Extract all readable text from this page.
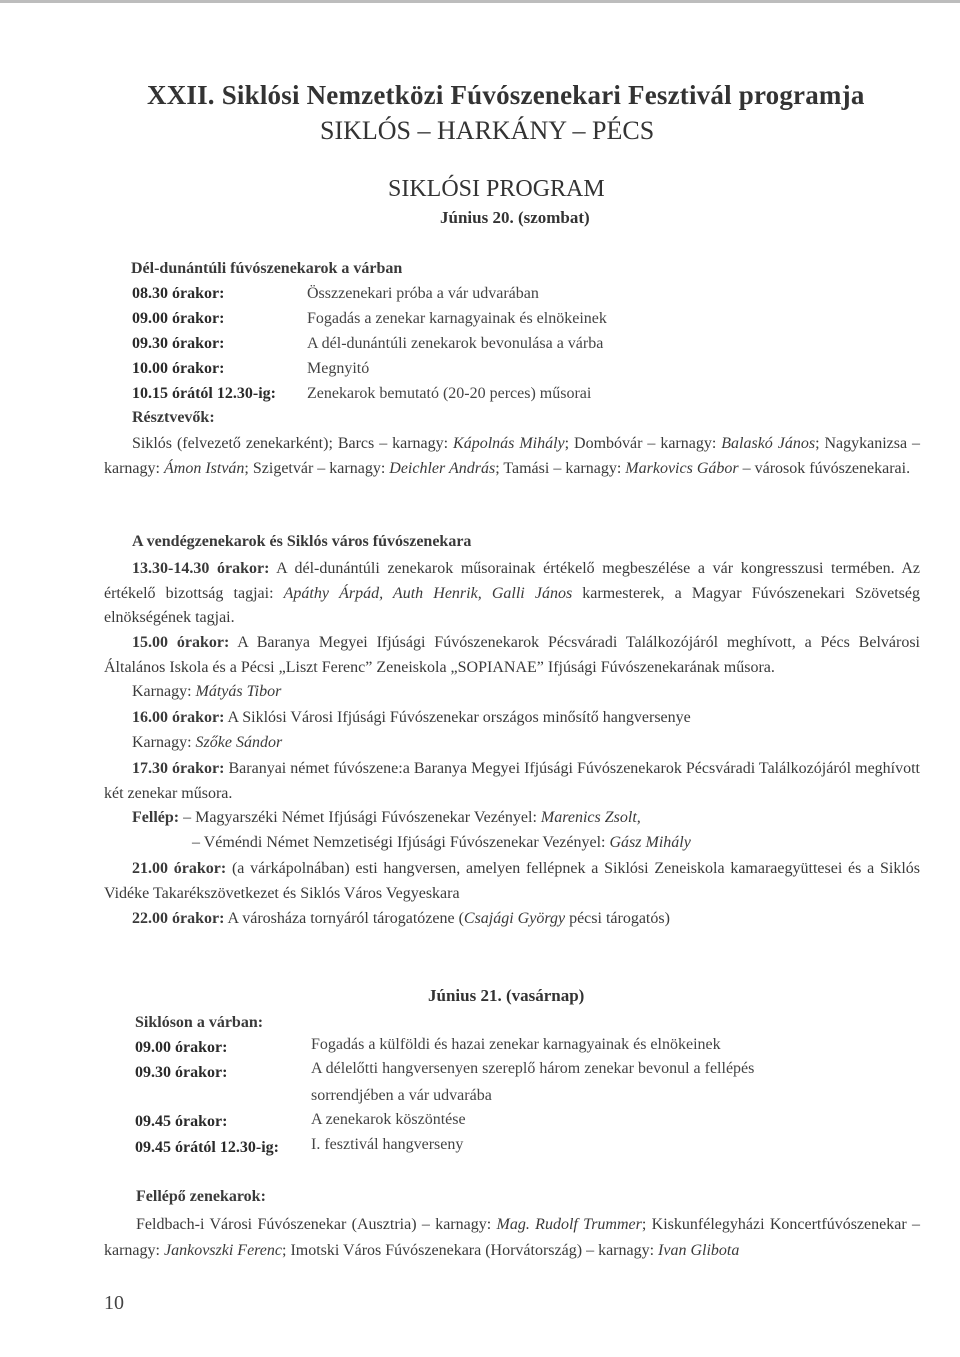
XXII. Siklósi Nemzetközi Fúvószenekari Fesztivál programja
SIKLÓS – HARKÁNY – PÉCS
SIKLÓSI PROGRAM
Június 20. (szombat)
Dél-dunántúli fúvószenekarok a várban
08.30 órakor:	Összzenekari próba a vár udvarában
09.00 órakor:	Fogadás a zenekar karnagyainak és elnökeinek
09.30 órakor:	A dél-dunántúli zenekarok bevonulása a várba
10.00 órakor:	Megnyitó
10.15 órától 12.30-ig: Zenekarok bemutató (20-20 perces) műsorai
Résztvevők:

Siklós (felvezető zenekarként); Barcs – karnagy: Kápolnás Mihály; Dombóvár – karnagy: Balaskó János; Nagykanizsa – karnagy: Ámon István; Szigetvár – karnagy: Deichler András; Tamási – karnagy: Markovics Gábor – városok fúvószenekarai.

A vendégzenekarok és Siklós város fúvószenekara

13.30-14.30 órakor: A dél-dunántúli zenekarok műsorainak értékelő megbeszélése a vár kongresszusi termében. Az értékelő bizottság tagjai: Apáthy Árpád, Auth Henrik, Galli János karmesterek, a Magyar Fúvószenekari Szövetség elnökségének tagjai.

15.00 órakor: A Baranya Megyei Ifjúsági Fúvószenekarok Pécsváradi Találkozójáról meghívott, a Pécs Belvárosi Általános Iskola és a Pécsi „Liszt Ferenc” Zeneiskola „SOPIANAE” Ifjúsági Fúvószenekarának műsora.

Karnagy: Mátyás Tibor

16.00 órakor: A Siklósi Városi Ifjúsági Fúvószenekar országos minősítő hangversenye

Karnagy: Szőke Sándor

17.30 órakor: Baranyai német fúvószene:a Baranya Megyei Ifjúsági Fúvószenekarok Pécsváradi Találkozójáról meghívott két zenekar műsora.

Fellép: – Magyarszéki Német Ifjúsági Fúvószenekar Vezényel: Marenics Zsolt,

– Véméndi Német Nemzetiségi Ifjúsági Fúvószenekar Vezényel: Gász Mihály

21.00 órakor: (a várkápolnában) esti hangversen, amelyen fellépnek a Siklósi Zeneiskola kamaraegyüttesei és a Siklós Vidéke Takarékszövetkezet és Siklós Város Vegyeskara

22.00 órakor: A városháza tornyáról tárogatózene (Csajági György pécsi tárogatós)

Június 21. (vasárnap)
Siklóson a várban:
09.00 órakor:	Fogadás a külföldi és hazai zenekar karnagyainak és elnökeinek
09.30 órakor:	A délelőtti hangversenyen szereplő három zenekar bevonul a fellépés
sorrendjében a vár udvarába
09.45 órakor:	A zenekarok köszöntése
09.45 órától 12.30-ig: I. fesztivál hangverseny
Fellépő zenekarok:

Feldbach-i Városi Fúvószenekar (Ausztria) – karnagy: Mag. Rudolf Trummer; Kiskunfélegyházi Koncertfúvószenekar – karnagy: Jankovszki Ferenc; Imotski Város Fúvószenekara (Horvátország) – karnagy: Ivan Glibota

10
